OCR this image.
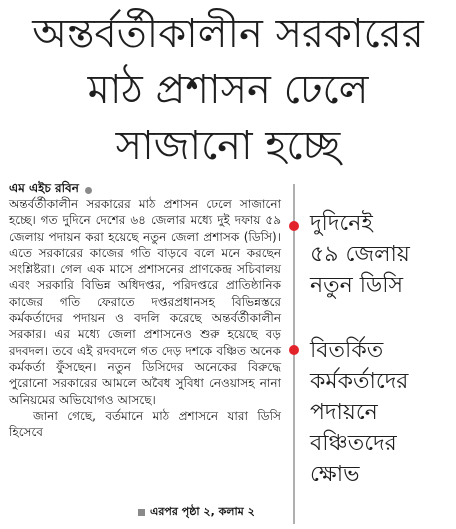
অন্তর্বর্তীকালীন সরকারের
মাঠ প্রশাসন ঢেলে
সাজানো হচ্ছে
এম এইচ রবিন

অন্তর্বর্তীকালীন সরকারের মাঠ প্রশাসন ঢেলে সাজানো হচ্ছে। গত দুদিনে দেশের ৬৪ জেলার মধ্যে দুই দফায় ৫৯ জেলায় পদায়ন করা হয়েছে নতুন জেলা প্রশাসক (ডিসি)। এতে সরকারের কাজের গতি বাড়বে বলে মনে করছেন সংশ্লিষ্টরা। গেল এক মাসে প্রশাসনের প্রাণকেন্দ্র সচিবালয় এবং সরকারি বিভিন্ন অধিদপ্তর, পরিদপ্তরে প্রাতিষ্ঠানিক কাজের গতি ফেরাতে দপ্তরপ্রধানসহ বিভিন্নস্তরে কর্মকর্তাদের পদায়ন ও বদলি করেছে অন্তর্বর্তীকালীন সরকার। এর মধ্যে জেলা প্রশাসনেও শুরু হয়েছে বড় রদবদল। তবে এই রদবদলে গত দেড় দশকে বঞ্চিত অনেক কর্মকর্তা ফুঁসছেন। নতুন ডিসিদের অনেকের বিরুদ্ধে পুরোনো সরকারের আমলে অবৈধ সুবিধা নেওয়াসহ নানা অনিয়মের অভিযোগও আসছে।

জানা গেছে, বর্তমানে মাঠ প্রশাসনে যারা ডিসি হিসেবে

এরপর পৃষ্ঠা ২, কলাম ২
দুদিনেই
৫৯ জেলায়
নতুন ডিসি
বিতর্কিত
কর্মকর্তাদের
পদায়নে
বঞ্চিতদের
ক্ষোভ
